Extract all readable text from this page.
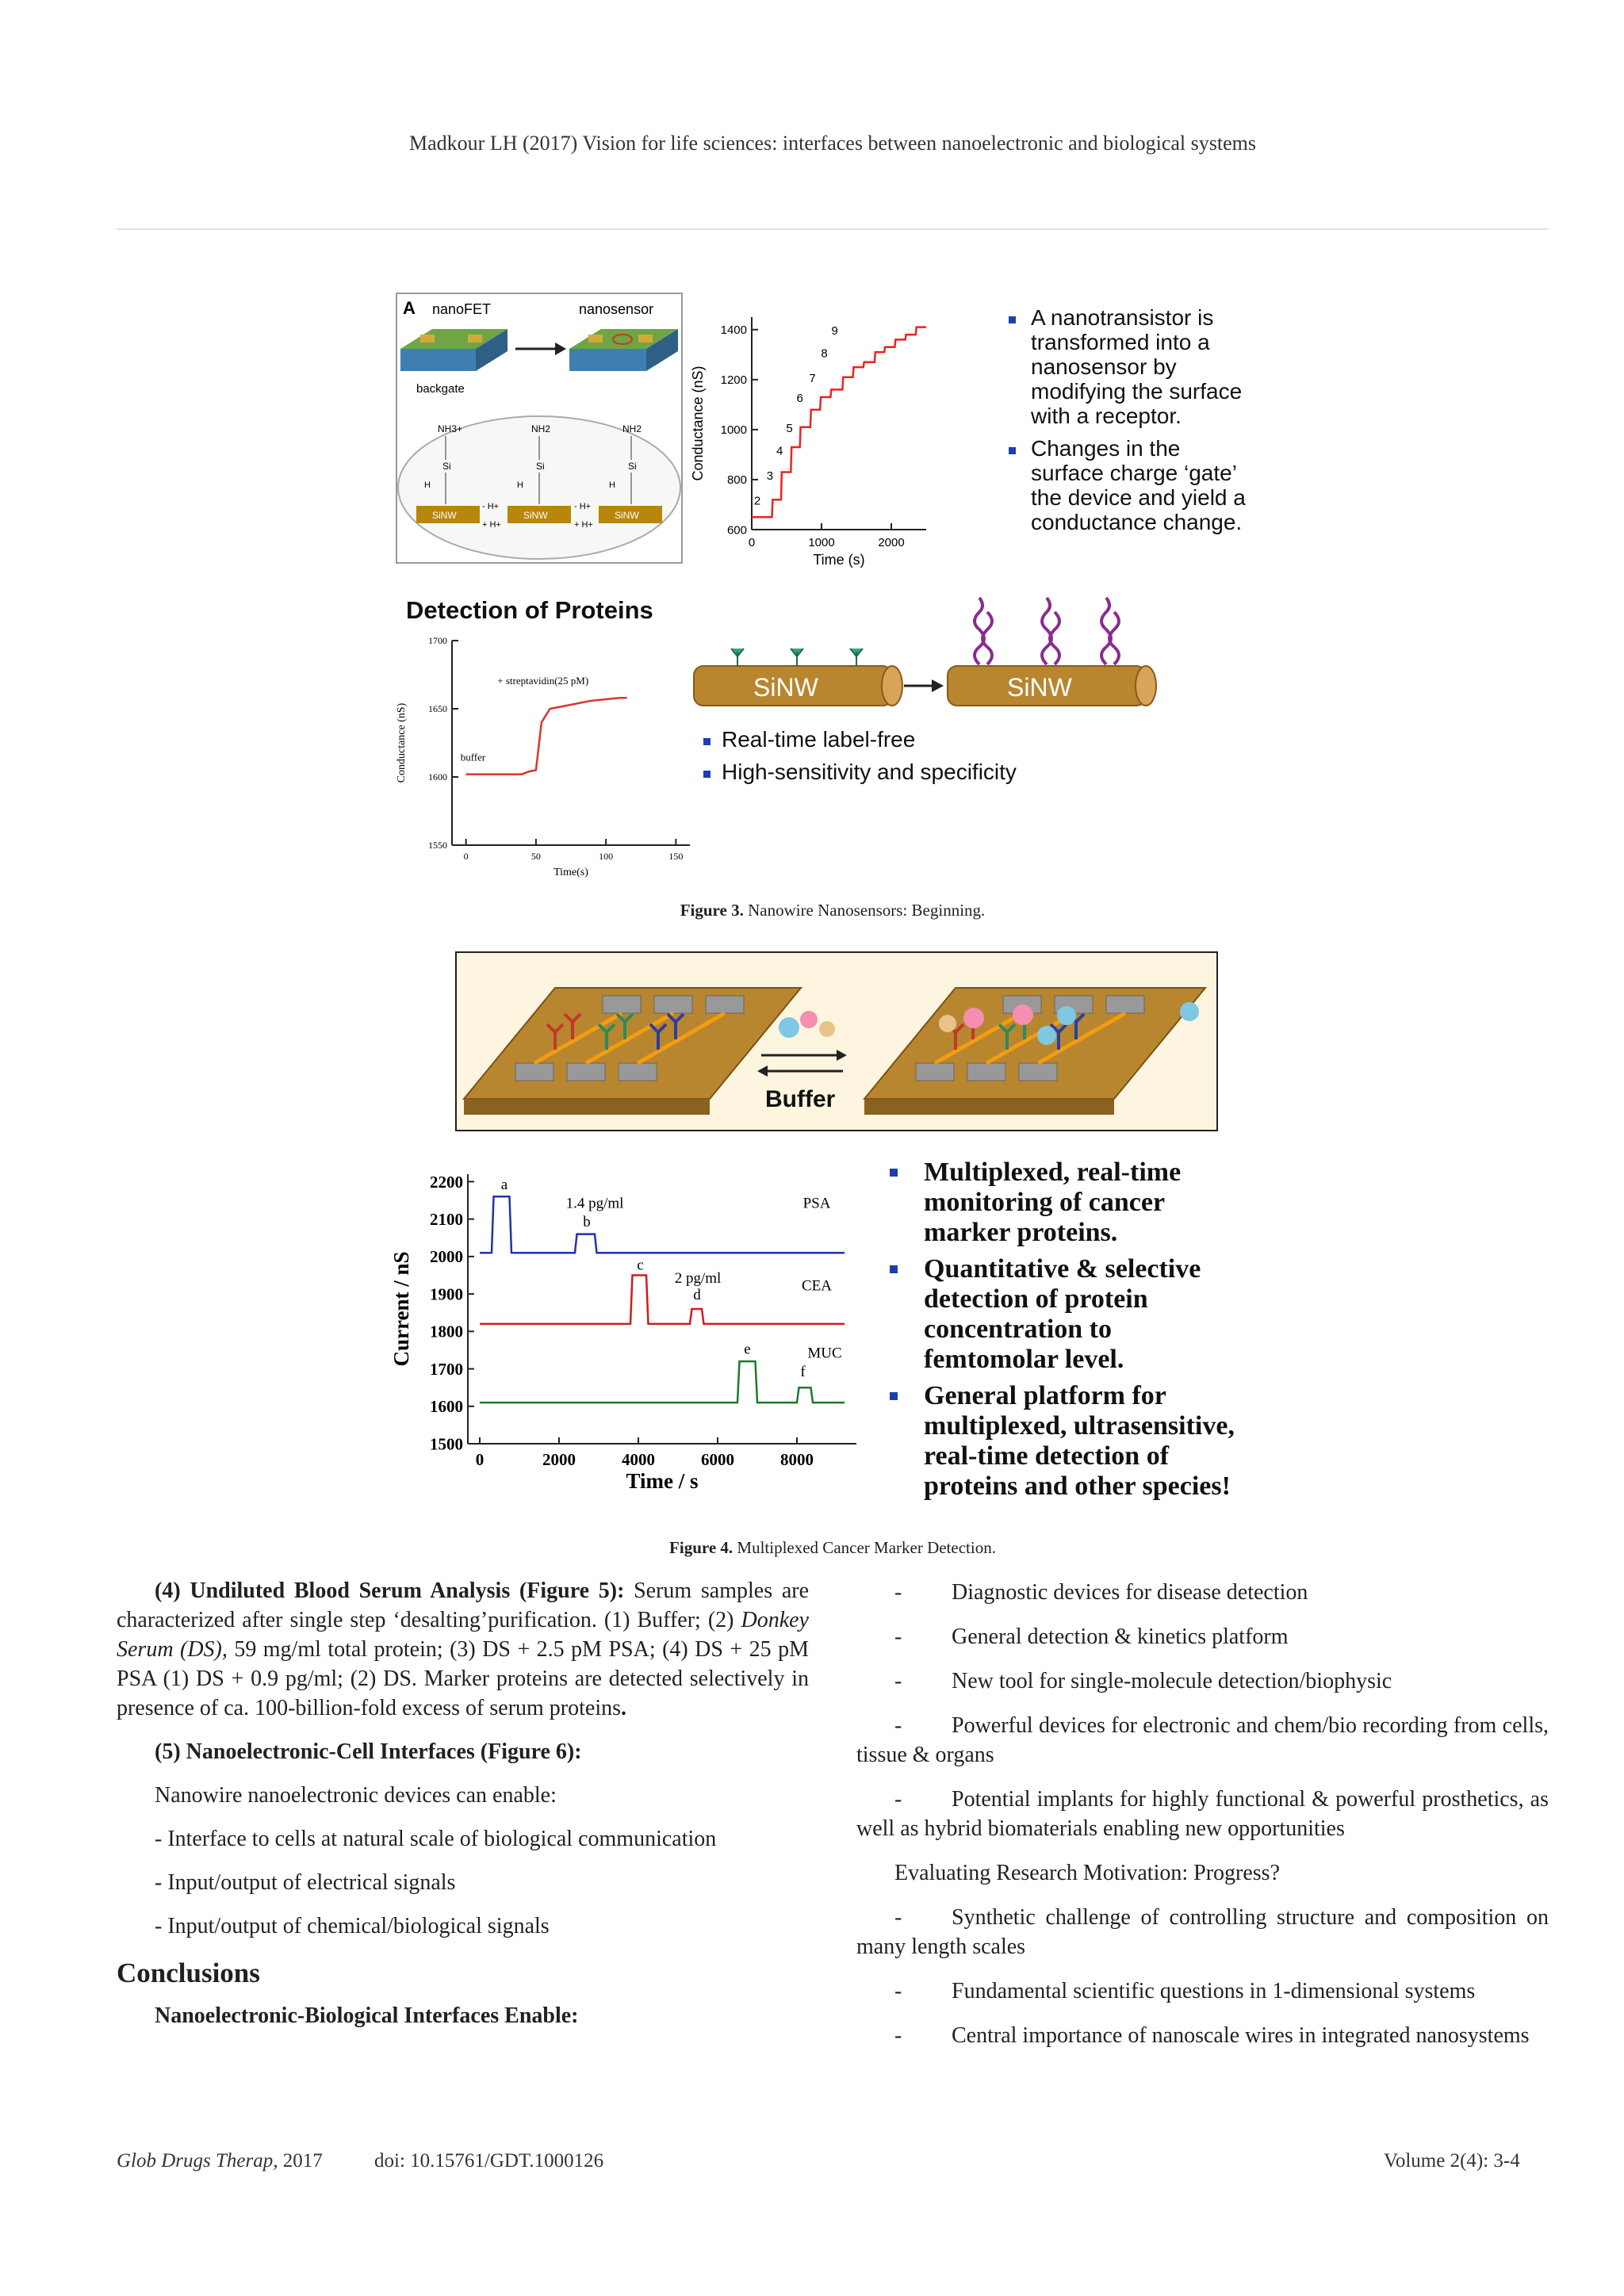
Madkour LH (2017) Vision for life sciences: interfaces between nanoelectronic and biological systems
A nanoFET	nanosensor
backgate
SiNW	SiNW	SiNW
NH3+	NH2	NH2
Si	Si	Si
H	H	H
- H+
+ H+
- H+
+ H+	600
800
1000
1200
1400
0	1000	2000
Time (s)
Conductance (nS)
2
3
4
5
6
7
8
9
A nanotransistor is transformed into a nanosensor by modifying the surface with a receptor.
Changes in the surface charge ‘gate’ the device and yield a conductance change.
Detection of Proteins
1550
1600
1650
1700
0	50	100	150
Time(s)
Conductance (nS)	buffer
+ streptavidin(25 pM)	SiNW	SiNW
Real-time label-free
High-sensitivity and specificity
Figure 3. Nanowire Nanosensors: Beginning.
Buffer
1500
1600
1700
1800
1900
2000
2100
2200
0	2000	4000	6000	8000
Time / s
Current / nS
a
1.4 pg/ml
b
PSA
c
2 pg/ml
d
CEA
e	MUC
f
Multiplexed, real-time monitoring of cancer marker proteins.
Quantitative & selective detection of protein concentration to femtomolar level.
General platform for multiplexed, ultrasensitive, real-time detection of proteins and other species!
Figure 4. Multiplexed Cancer Marker Detection.

(4) Undiluted Blood Serum Analysis (Figure 5): Serum samples are characterized after single step ‘desalting’purification. (1) Buffer; (2) Donkey Serum (DS), 59 mg/ml total protein; (3) DS + 2.5 pM PSA; (4) DS + 25 pM PSA (1) DS + 0.9 pg/ml; (2) DS. Marker proteins are detected selectively in presence of ca. 100-billion-fold excess of serum proteins.

(5) Nanoelectronic-Cell Interfaces (Figure 6):

Nanowire nanoelectronic devices can enable:

- Interface to cells at natural scale of biological communication

- Input/output of electrical signals

- Input/output of chemical/biological signals

Conclusions

Nanoelectronic-Biological Interfaces Enable:

- Diagnostic devices for disease detection

- General detection & kinetics platform

- New tool for single-molecule detection/biophysic

- Powerful devices for electronic and chem/bio recording from cells, tissue & organs

- Potential implants for highly functional & powerful prosthetics, as well as hybrid biomaterials enabling new opportunities

Evaluating Research Motivation: Progress?

- Synthetic challenge of controlling structure and composition on many length scales

- Fundamental scientific questions in 1-dimensional systems

- Central importance of nanoscale wires in integrated nanosystems

Glob Drugs Therap, 2017	doi: 10.15761/GDT.1000126	Volume 2(4): 3-4
